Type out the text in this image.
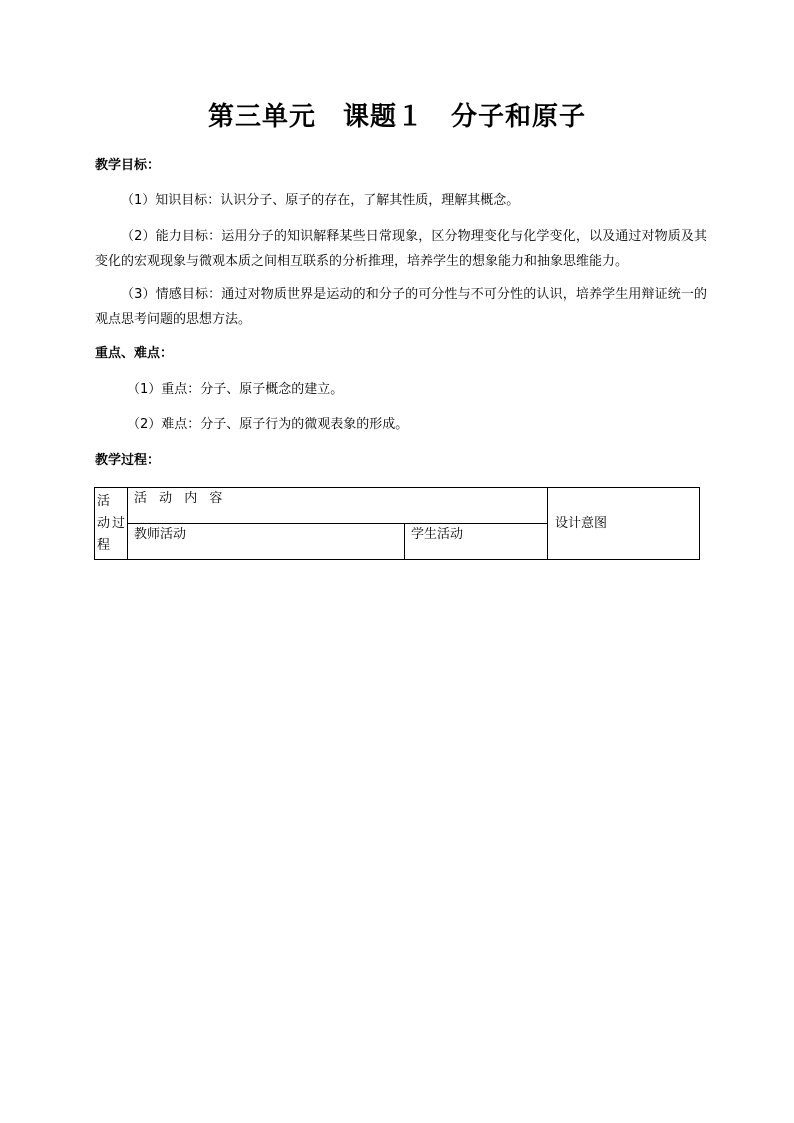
第三单元　课题１　分子和原子

教学目标：

（1）知识目标：认识分子、原子的存在，了解其性质，理解其概念。

（2）能力目标：运用分子的知识解释某些日常现象，区分物理变化与化学变化，以及通过对物质及其变化的宏观现象与微观本质之间相互联系的分析推理，培养学生的想象能力和抽象思维能力。

（3）情感目标：通过对物质世界是运动的和分子的可分性与不可分性的认识，培养学生用辩证统一的观点思考问题的思想方法。

重点、难点：

（1）重点：分子、原子概念的建立。

（2）难点：分子、原子行为的微观表象的形成。

教学过程：

活 动过程	活 动 内 容		设计意图
	教师活动	学生活动	
